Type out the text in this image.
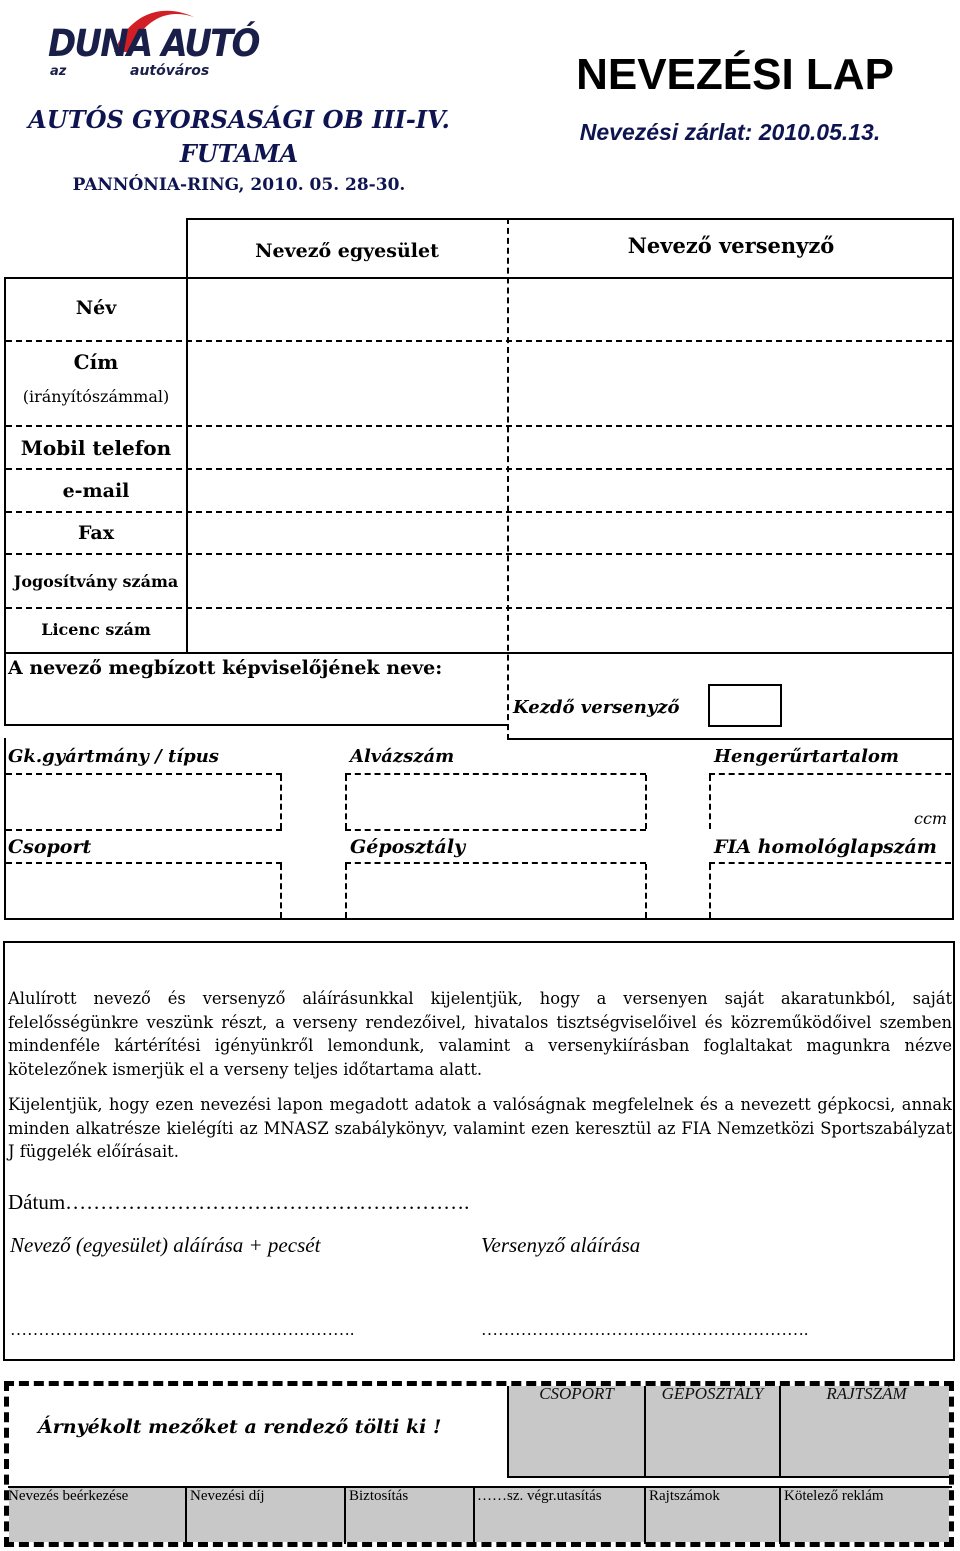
DUNA AUTÓ
az	autóváros
AUTÓS GYORSASÁGI OB III-IV. FUTAMA
PANNÓNIA-RING, 2010. 05. 28-30.
NEVEZÉSI LAP
Nevezési zárlat: 2010.05.13.
Nevező egyesület	Nevező versenyző
Név
Cím
(irányítószámmal)
Mobil telefon
e-mail
Fax
Jogosítvány száma
Licenc szám
A nevező megbízott képviselőjének neve:
Kezdő versenyző
Gk.gyártmány / típus	Alvázszám	Hengerűrtartalom
ccm
Csoport	Géposztály	FIA homológlapszám
Alulírott nevező és versenyző aláírásunkkal kijelentjük, hogy a versenyen saját akaratunkból, saját felelősségünkre veszünk részt, a verseny rendezőivel, hivatalos tisztségviselőivel és közreműködőivel szemben mindenféle kártérítési igényünkről lemondunk, valamint a versenykiírásban foglaltakat magunkra nézve kötelezőnek ismerjük el a verseny teljes időtartama alatt.
Kijelentjük, hogy ezen nevezési lapon megadott adatok a valóságnak megfelelnek és a nevezett gépkocsi, annak minden alkatrésze kielégíti az MNASZ szabálykönyv, valamint ezen keresztül az FIA Nemzetközi Sportszabályzat J függelék előírásait.
Dátum………………………………………………….
Nevező (egyesület) aláírása + pecsét	Versenyző aláírása
…………………………………………………….	………………………………………………….
Árnyékolt mezőket a rendező tölti ki !
CSOPORT	GÉPOSZTÁLY	RAJTSZÁM
Nevezés beérkezése	Nevezési díj	Biztosítás	……sz. végr.utasítás	Rajtszámok	Kötelező reklám
